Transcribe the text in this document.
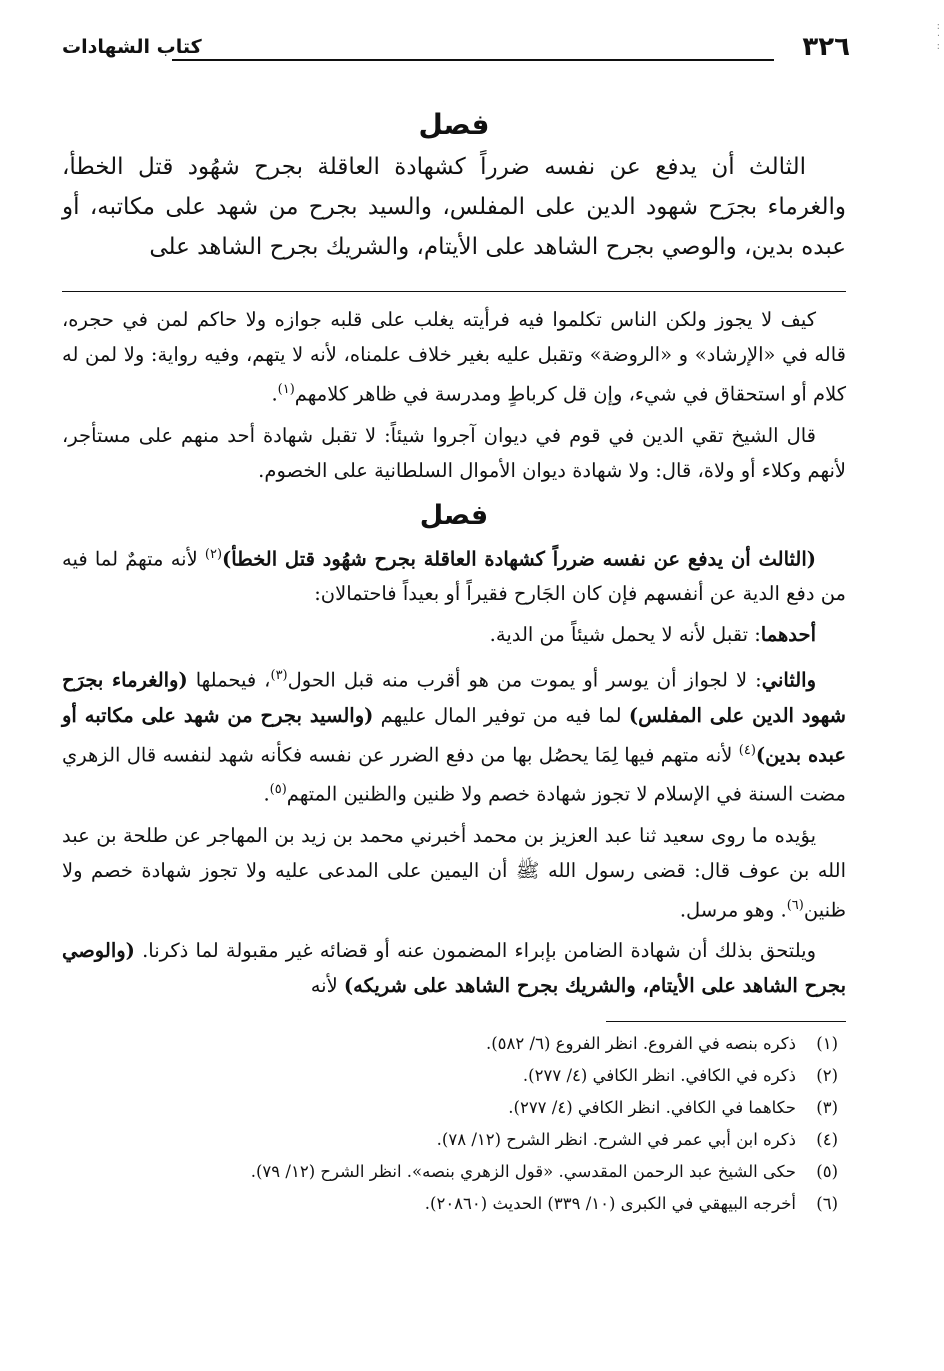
:
·
:
٣٢٦
كتاب الشهادات
فصل

الثالث أن يدفع عن نفسه ضرراً كشهادة العاقلة بجرح شهُود قتل الخطأ، والغرماء بجرَح شهود الدين على المفلس، والسيد بجرح من شهد على مكاتبه، أو عبده بدين، والوصي بجرح الشاهد على الأيتام، والشريك بجرح الشاهد على

كيف لا يجوز ولكن الناس تكلموا فيه فرأيته يغلب على قلبه جوازه ولا حاكم لمن في حجره، قاله في «الإرشاد» و «الروضة» وتقبل عليه بغير خلاف علمناه، لأنه لا يتهم، وفيه رواية: ولا لمن له كلام أو استحقاق في شيء، وإن قل كرباطٍ ومدرسة في ظاهر كلامهم$^{(١)}$.

قال الشيخ تقي الدين في قوم في ديوان آجروا شيئاً: لا تقبل شهادة أحد منهم على مستأجر، لأنهم وكلاء أو ولاة، قال: ولا شهادة ديوان الأموال السلطانية على الخصوم.

فصل

(الثالث أن يدفع عن نفسه ضرراً كشهادة العاقلة بجرح شهُود قتل الخطأ)$^{(٢)}$ لأنه متهمٌ لما فيه من دفع الدية عن أنفسهم فإن كان الجَارح فقيراً أو بعيداً فاحتمالان:

أحدهما: تقبل لأنه لا يحمل شيئاً من الدية.

والثاني: لا لجواز أن يوسر أو يموت من هو أقرب منه قبل الحول$^{(٣)}$، فيحملها (والغرماء بجرَح شهود الدين على المفلس) لما فيه من توفير المال عليهم (والسيد بجرح من شهد على مكاتبه أو عبده بدين)$^{(٤)}$ لأنه متهم فيها لِمَا يحصُل بها من دفع الضرر عن نفسه فكأنه شهد لنفسه قال الزهري مضت السنة في الإسلام لا تجوز شهادة خصم ولا ظنين والظنين المتهم$^{(٥)}$.

يؤيده ما روى سعيد ثنا عبد العزيز بن محمد أخبرني محمد بن زيد بن المهاجر عن طلحة بن عبد الله بن عوف قال: قضى رسول الله ﷺ أن اليمين على المدعى عليه ولا تجوز شهادة خصم ولا ظنين$^{(٦)}$. وهو مرسل.

ويلتحق بذلك أن شهادة الضامن بإبراء المضمون عنه أو قضائه غير مقبولة لما ذكرنا. (والوصي بجرح الشاهد على الأيتام، والشريك بجرح الشاهد على شريكه) لأنه

(١)ذكره بنصه في الفروع. انظر الفروع (٦/ ٥٨٢).
(٢)ذكره في الكافي. انظر الكافي (٤/ ٢٧٧).
(٣)حكاهما في الكافي. انظر الكافي (٤/ ٢٧٧).
(٤)ذكره ابن أبي عمر في الشرح. انظر الشرح (١٢/ ٧٨).
(٥)حكى الشيخ عبد الرحمن المقدسي. «قول الزهري بنصه». انظر الشرح (١٢/ ٧٩).
(٦)أخرجه البيهقي في الكبرى (١٠/ ٣٣٩) الحديث (٢٠٨٦٠).
